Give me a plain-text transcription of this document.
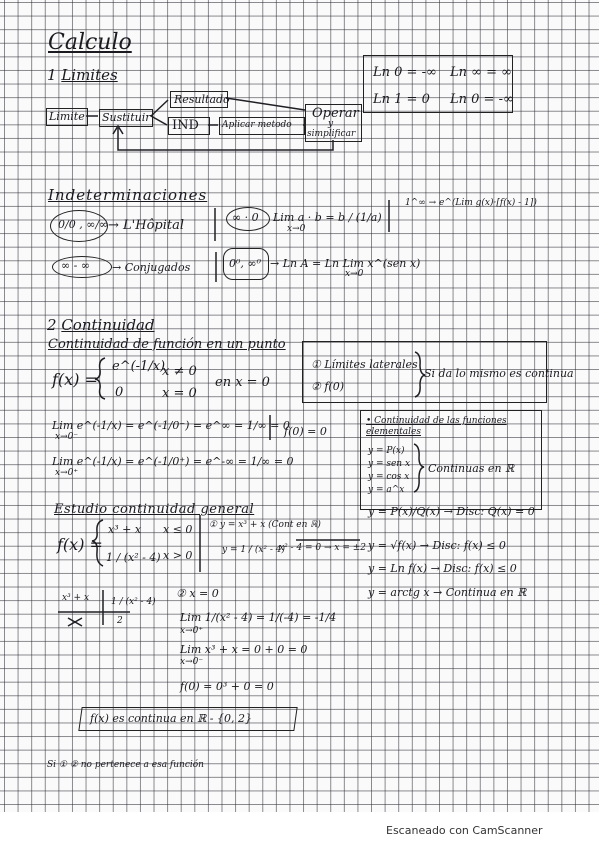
Calculo
1 Limites	Ln 0 = -∞ Ln ∞ = ∞
Ln 1 = 0 Ln 0 = -∞
Limite Sustituir
Resultado
IND	Aplicar metodo
Operar
y
simplificar
Indeterminaciones
0/0 , ∞/∞ → L'Hôpital
∞ · 0 Lim a · b = b / (1/a)
x→0
1^∞ → e^(Lim g(x)·[f(x) - 1])
∞ - ∞ → Conjugados	0⁰, ∞⁰ → Ln A = Ln Lim x^(sen x)
x→0
2 Continuidad
Continuidad de función en un punto
f(x) =
e^(-1/x)
x ≠ 0
0	x = 0
en x = 0
① Límites laterales
② f(0)
Si da lo mismo es continua
Lim e^(-1/x) = e^(-1/0⁻) = e^∞ = 1/∞ = 0
x→0⁻	f(0) = 0
Lim e^(-1/x) = e^(-1/0⁺) = e^-∞ = 1/∞ = 0
x→0⁺
• Continuidad de las funciones elementales
y = P(x)
y = sen x
y = cos x
y = a^x
Continuas en ℝ
y = P(x)/Q(x) → Disc: Q(x) = 0
y = √f(x) → Disc: f(x) ≤ 0
y = Ln f(x) → Disc: f(x) ≤ 0
y = arctg x → Continua en ℝ
Estudio continuidad general
f(x) =
x³ + x x ≤ 0
1 / (x² - 4) x > 0
① y = x³ + x (Cont en ℝ)
y = 1 / (x² - 4)
x² - 4 = 0 → x = ±2
x³ + x 1 / (x² - 4)
2
② x = 0
Lim 1/(x² - 4) = 1/(-4) = -1/4
x→0⁺
Lim x³ + x = 0 + 0 = 0
x→0⁻
f(0) = 0³ + 0 = 0
f(x) es continua en ℝ - {0, 2}
Si ① ② no pertenece a esa función
Escaneado con CamScanner
